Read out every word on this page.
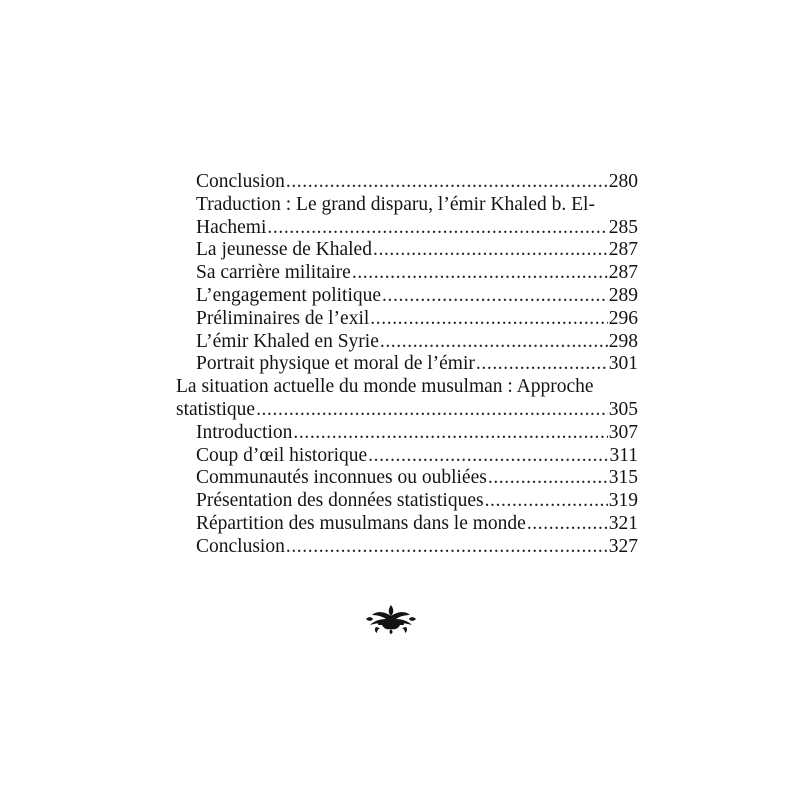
Conclusion .....	280
Traduction : Le grand disparu, l’émir Khaled b. El-
Hachemi .....	285
La jeunesse de Khaled .....	287
Sa carrière militaire .....	287
L’engagement politique .....	289
Préliminaires de l’exil .....	296
L’émir Khaled en Syrie .....	298
Portrait physique et moral de l’émir .....	301
La situation actuelle du monde musulman : Approche
statistique .....	305
Introduction .....	307
Coup d’œil historique .....	311
Communautés inconnues ou oubliées .....	315
Présentation des données statistiques .....	319
Répartition des musulmans dans le monde .....	321
Conclusion .....	327
